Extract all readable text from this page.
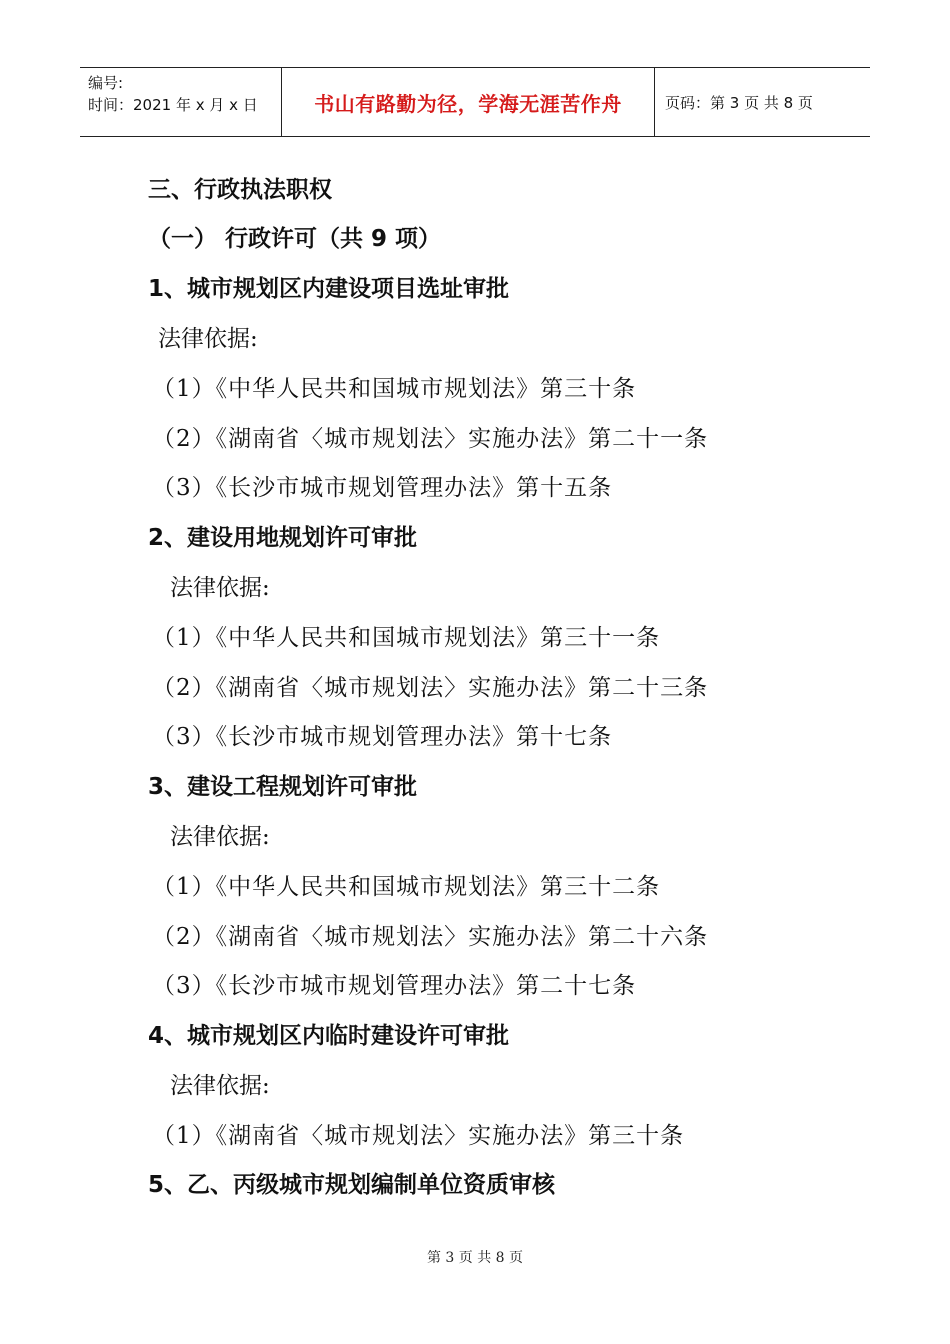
编号:
时间：2021 年 x 月 x 日	书山有路勤为径，学海无涯苦作舟	页码：第 3 页 共 8 页
三、行政执法职权
（一） 行政许可（共 9 项）
1、城市规划区内建设项目选址审批
法律依据:
（1）《中华人民共和国城市规划法》第三十条
（2）《湖南省〈城市规划法〉实施办法》第二十一条
（3）《长沙市城市规划管理办法》第十五条
2、建设用地规划许可审批
法律依据:
（1）《中华人民共和国城市规划法》第三十一条
（2）《湖南省〈城市规划法〉实施办法》第二十三条
（3）《长沙市城市规划管理办法》第十七条
3、建设工程规划许可审批
法律依据:
（1）《中华人民共和国城市规划法》第三十二条
（2）《湖南省〈城市规划法〉实施办法》第二十六条
（3）《长沙市城市规划管理办法》第二十七条
4、城市规划区内临时建设许可审批
法律依据:
（1）《湖南省〈城市规划法〉实施办法》第三十条
5、乙、丙级城市规划编制单位资质审核
第 3 页 共 8 页
